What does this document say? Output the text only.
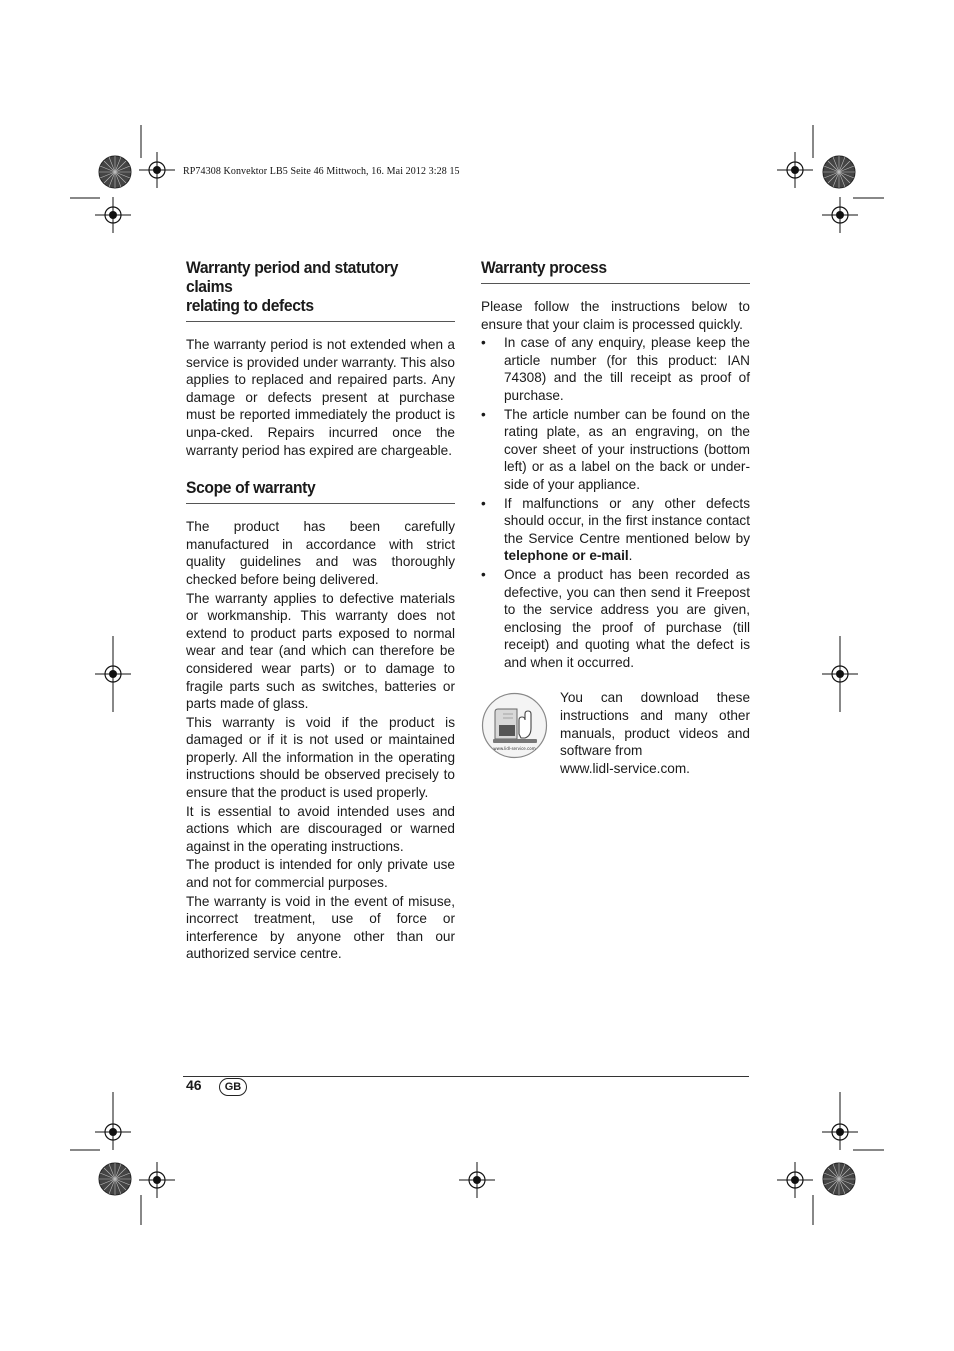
RP74308 Konvektor LB5 Seite 46 Mittwoch, 16. Mai 2012 3:28 15
Warranty period and statutory claims
relating to defects

The warranty period is not extended when a service is provided under warranty. This also applies to replaced and repaired parts. Any damage or defects present at purchase must be reported immediately the product is unpa-cked. Repairs incurred once the warranty period has expired are chargeable.

Scope of warranty

The product has been carefully manufactured in accordance with strict quality guidelines and was thoroughly checked before being delivered.

The warranty applies to defective materials or workmanship. This warranty does not extend to product parts exposed to normal wear and tear (and which can therefore be considered wear parts) or to damage to fragile parts such as switches, batteries or parts made of glass.

This warranty is void if the product is damaged or if it is not used or maintained properly. All the information in the operating instructions should be observed precisely to ensure that the product is used properly.

It is essential to avoid intended uses and actions which are discouraged or warned against in the operating instructions.

The product is intended for only private use and not for commercial purposes.

The warranty is void in the event of misuse, incorrect treatment, use of force or interference by anyone other than our authorized service centre.

Warranty process

Please follow the instructions below to ensure that your claim is processed quickly.

• In case of any enquiry, please keep the article number (for this product: IAN 74308) and the till receipt as proof of purchase.
• The article number can be found on the rating plate, as an engraving, on the cover sheet of your instructions (bottom left) or as a label on the back or under-side of your appliance.
• If malfunctions or any other defects should occur, in the first instance contact the Service Centre mentioned below by telephone or e-mail.
• Once a product has been recorded as defective, you can then send it Freepost to the service address you are given, enclosing the proof of purchase (till receipt) and quoting what the defect is and when it occurred.
www.lidl-service.com
You can download these instructions and many other manuals, product videos and software from
www.lidl-service.com.
46	GB
